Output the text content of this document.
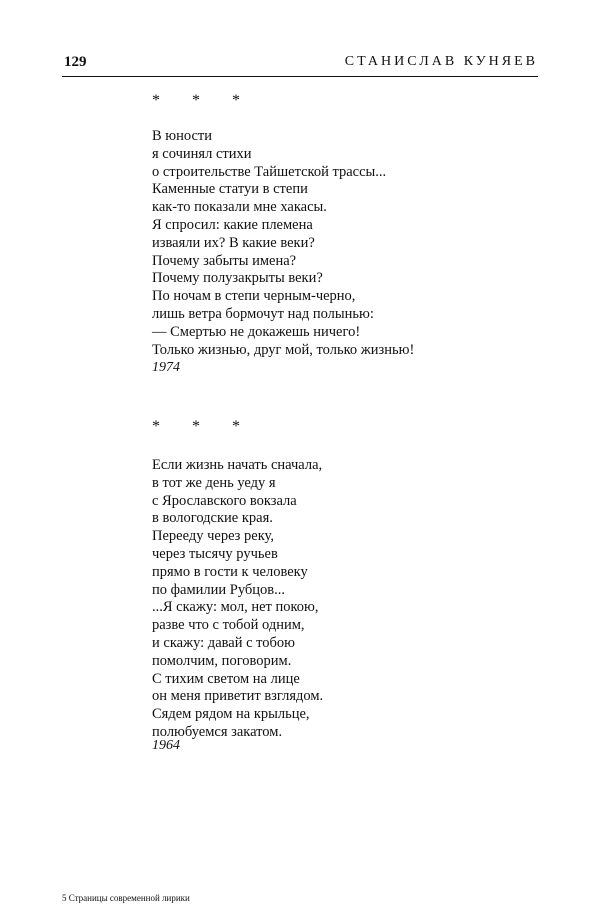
129	СТАНИСЛАВ КУНЯЕВ
* * *
В юности
я сочинял стихи
о строительстве Тайшетской трассы...
Каменные статуи в степи
как-то показали мне хакасы.
Я спросил: какие племена
изваяли их? В какие веки?
Почему забыты имена?
Почему полузакрыты веки?
По ночам в степи черным-черно,
лишь ветра бормочут над полынью:
— Смертью не докажешь ничего!
Только жизнью, друг мой, только жизнью!
1974
* * *
Если жизнь начать сначала,
в тот же день уеду я
с Ярославского вокзала
в вологодские края.
Перееду через реку,
через тысячу ручьев
прямо в гости к человеку
по фамилии Рубцов...
...Я скажу: мол, нет покою,
разве что с тобой одним,
и скажу: давай с тобою
помолчим, поговорим.
С тихим светом на лице
он меня приветит взглядом.
Сядем рядом на крыльце,
полюбуемся закатом.
1964
5 Страницы современной лирики
